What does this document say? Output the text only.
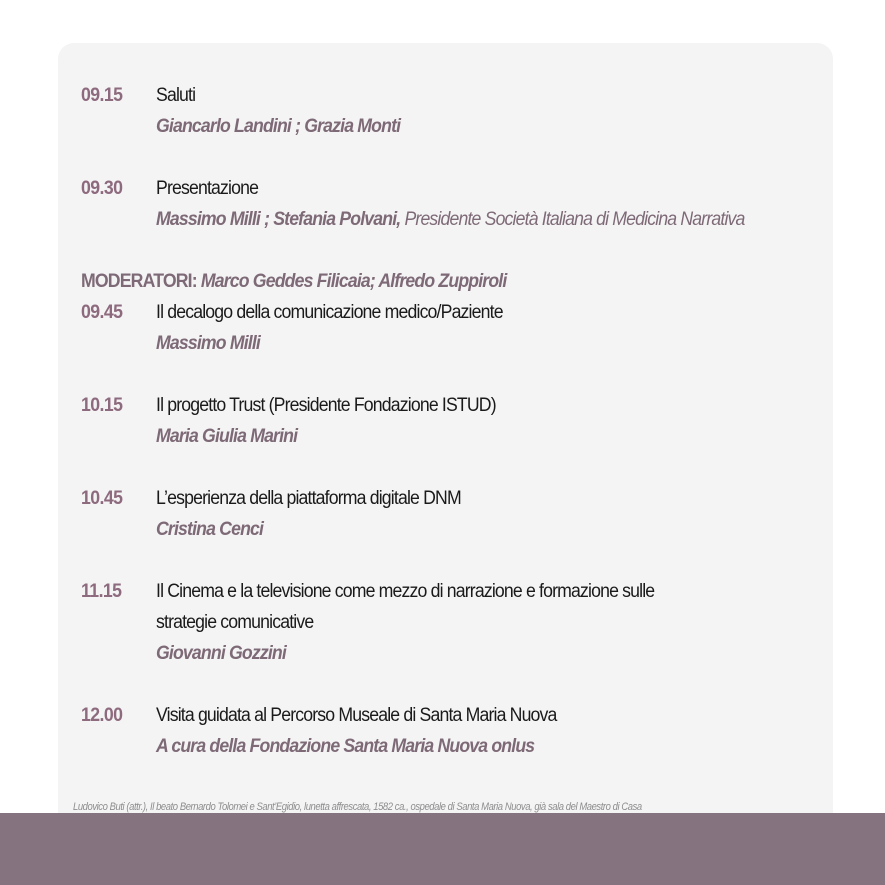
09.15 Saluti
Giancarlo Landini ; Grazia Monti
09.30 Presentazione
Massimo Milli ; Stefania Polvani, Presidente Società Italiana di Medicina Narrativa
MODERATORI: Marco Geddes Filicaia; Alfredo Zuppiroli
09.45 Il decalogo della comunicazione medico/Paziente
Massimo Milli
10.15 Il progetto Trust (Presidente Fondazione ISTUD)
Maria Giulia Marini
10.45 L’esperienza della piattaforma digitale DNM
Cristina Cenci
11.15 Il Cinema e la televisione come mezzo di narrazione e formazione sulle
strategie comunicative
Giovanni Gozzini
12.00 Visita guidata al Percorso Museale di Santa Maria Nuova
A cura della Fondazione Santa Maria Nuova onlus
Ludovico Buti (attr.), Il beato Bernardo Tolomei e Sant’Egidio, lunetta affrescata, 1582 ca., ospedale di Santa Maria Nuova, già sala del Maestro di Casa
